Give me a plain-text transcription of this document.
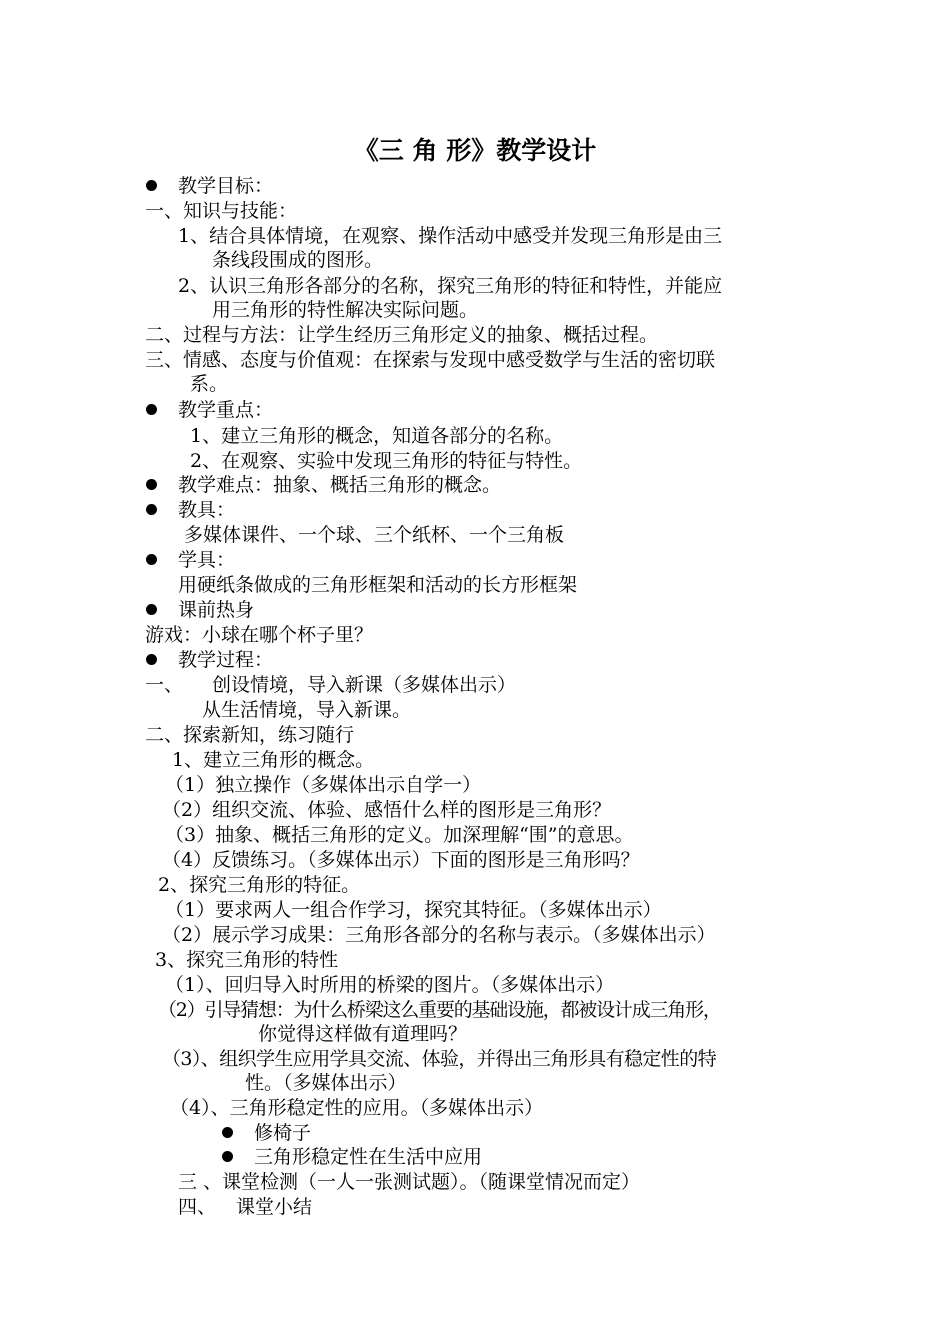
《三 角 形》教学设计
教学目标：
一、知识与技能：
1、结合具体情境，在观察、操作活动中感受并发现三角形是由三
条线段围成的图形。
2、认识三角形各部分的名称，探究三角形的特征和特性，并能应
用三角形的特性解决实际问题。
二、过程与方法：让学生经历三角形定义的抽象、概括过程。
三、情感、态度与价值观：在探索与发现中感受数学与生活的密切联
系。
教学重点：
1、建立三角形的概念，知道各部分的名称。
2、在观察、实验中发现三角形的特征与特性。
教学难点：抽象、概括三角形的概念。
教具：
多媒体课件、一个球、三个纸杯、一个三角板
学具：
用硬纸条做成的三角形框架和活动的长方形框架
课前热身
游戏：小球在哪个杯子里？
教学过程：
一、 创设情境，导入新课（多媒体出示）
从生活情境，导入新课。
二、探索新知，练习随行
1、建立三角形的概念。
（1）独立操作（多媒体出示自学一）
（2）组织交流、体验、感悟什么样的图形是三角形？
（3）抽象、概括三角形的定义。加深理解“围”的意思。
（4）反馈练习。（多媒体出示）下面的图形是三角形吗？
2、探究三角形的特征。
（1）要求两人一组合作学习，探究其特征。（多媒体出示）
（2）展示学习成果：三角形各部分的名称与表示。（多媒体出示）
3、探究三角形的特性
（1）、回归导入时所用的桥梁的图片。（多媒体出示）
（2）引导猜想：为什么桥梁这么重要的基础设施，都被设计成三角形，
你觉得这样做有道理吗？
（3）、组织学生应用学具交流、体验，并得出三角形具有稳定性的特
性。（多媒体出示）
（4）、三角形稳定性的应用。（多媒体出示）
修椅子
三角形稳定性在生活中应用
三 、课堂检测（一人一张测试题）。（随课堂情况而定）
四、 课堂小结
